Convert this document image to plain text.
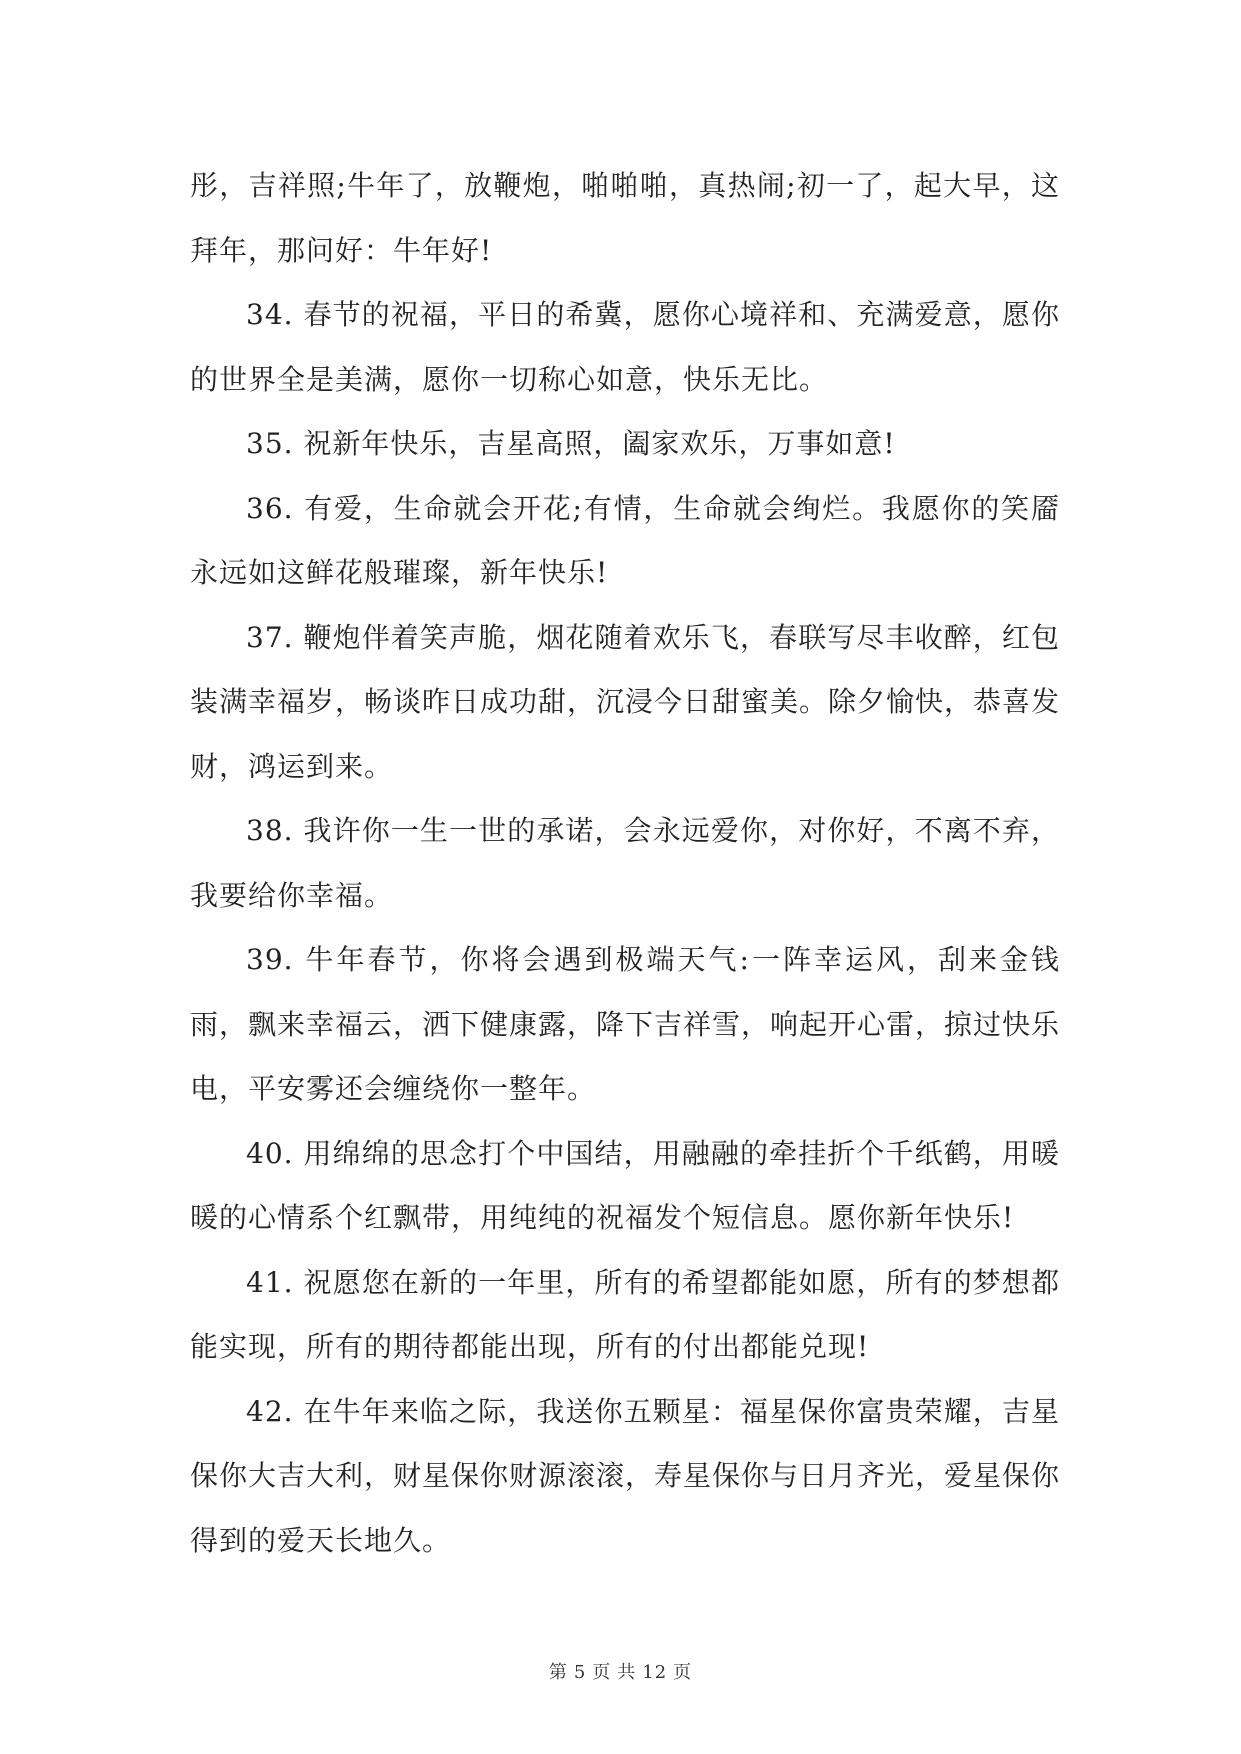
彤，吉祥照;牛年了，放鞭炮，啪啪啪，真热闹;初一了，起大早，这拜年，那问好：牛年好!

34. 春节的祝福，平日的希冀，愿你心境祥和、充满爱意，愿你的世界全是美满，愿你一切称心如意，快乐无比。

35. 祝新年快乐，吉星高照，阖家欢乐，万事如意!

36. 有爱，生命就会开花;有情，生命就会绚烂。我愿你的笑靥永远如这鲜花般璀璨，新年快乐!

37. 鞭炮伴着笑声脆，烟花随着欢乐飞，春联写尽丰收醉，红包装满幸福岁，畅谈昨日成功甜，沉浸今日甜蜜美。除夕愉快，恭喜发财，鸿运到来。

38. 我许你一生一世的承诺，会永远爱你，对你好，不离不弃，我要给你幸福。

39. 牛年春节，你将会遇到极端天气:一阵幸运风，刮来金钱雨，飘来幸福云，洒下健康露，降下吉祥雪，响起开心雷，掠过快乐电，平安雾还会缠绕你一整年。

40. 用绵绵的思念打个中国结，用融融的牵挂折个千纸鹤，用暖暖的心情系个红飘带，用纯纯的祝福发个短信息。愿你新年快乐!

41. 祝愿您在新的一年里，所有的希望都能如愿，所有的梦想都能实现，所有的期待都能出现，所有的付出都能兑现!

42. 在牛年来临之际，我送你五颗星：福星保你富贵荣耀，吉星保你大吉大利，财星保你财源滚滚，寿星保你与日月齐光，爱星保你得到的爱天长地久。

第 5 页 共 12 页
